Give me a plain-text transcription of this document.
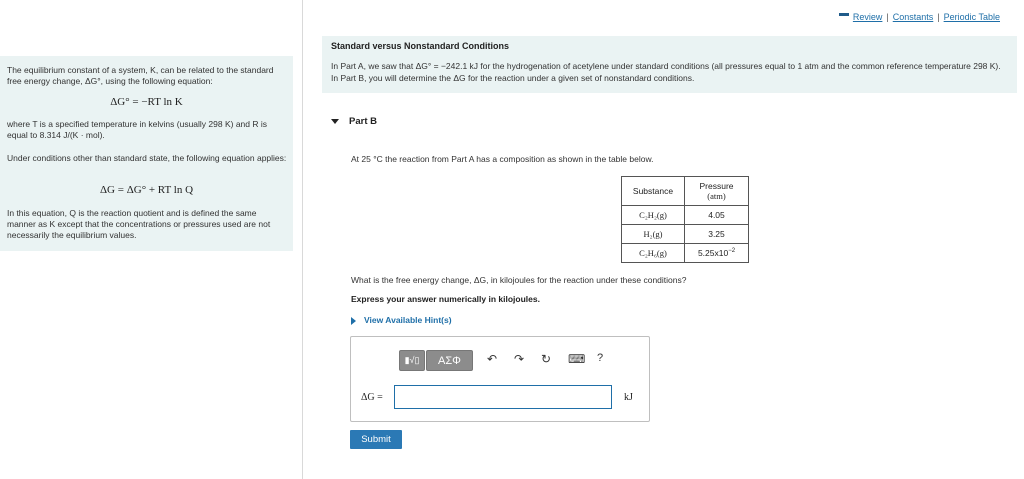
The equilibrium constant of a system, K, can be related to the standard free energy change, ΔG°, using the following equation:
ΔG° = −RT ln K
where T is a specified temperature in kelvins (usually 298 K) and R is equal to 8.314 J/(K · mol).
Under conditions other than standard state, the following equation applies:
ΔG = ΔG° + RT ln Q
In this equation, Q is the reaction quotient and is defined the same manner as K except that the concentrations or pressures used are not necessarily the equilibrium values.
Review | Constants | Periodic Table
Standard versus Nonstandard Conditions
In Part A, we saw that ΔG° = −242.1 kJ for the hydrogenation of acetylene under standard conditions (all pressures equal to 1 atm and the common reference temperature 298 K). In Part B, you will determine the ΔG for the reaction under a given set of nonstandard conditions.
Part B
At 25 °C the reaction from Part A has a composition as shown in the table below.
Substance	Pressure
(atm)
C₂H₂(g)	4.05
H₂(g)	3.25
C₂H₆(g)	$5.25x10^{-2}$
What is the free energy change, ΔG, in kilojoules for the reaction under these conditions?
Express your answer numerically in kilojoules.
View Available Hint(s)
▮√▯	ΑΣΦ	↶ ↷ ↻ ⌨ ?
ΔG =	kJ
Submit
